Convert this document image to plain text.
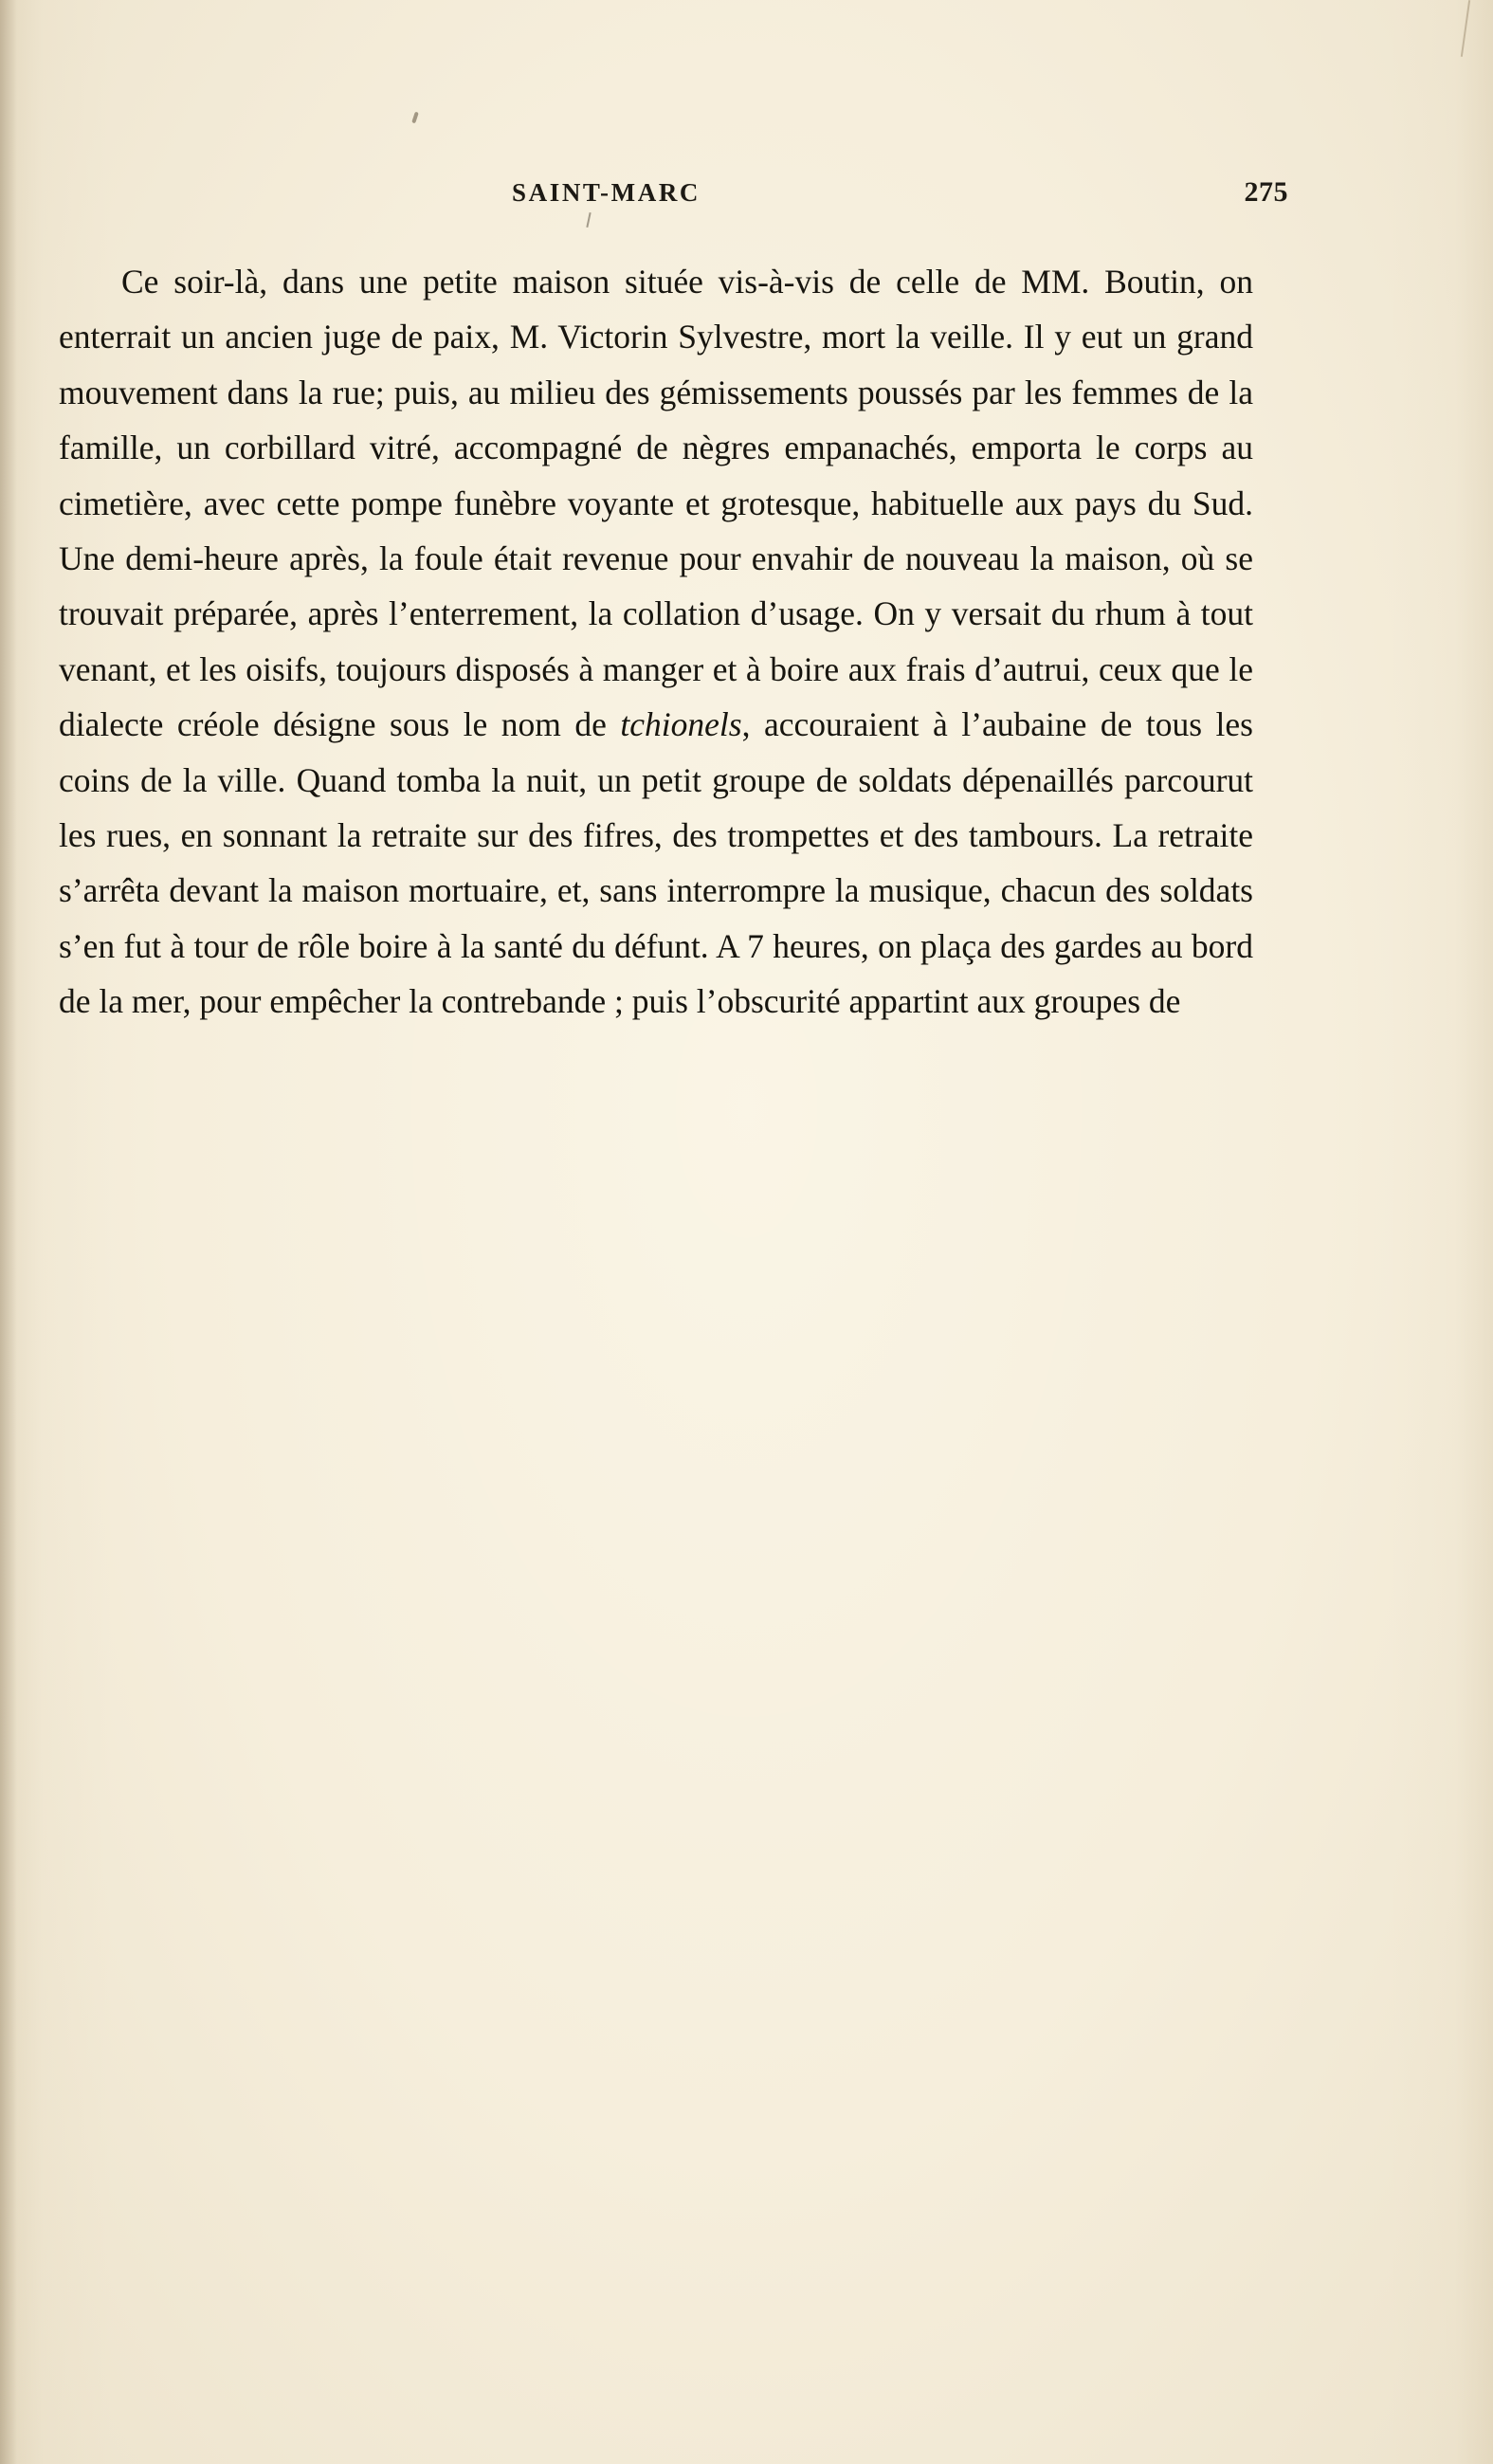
SAINT-MARC	275

Ce soir-là, dans une petite maison située vis-à-vis de celle de MM. Boutin, on enterrait un ancien juge de paix, M. Victorin Sylvestre, mort la veille. Il y eut un grand mouvement dans la rue; puis, au milieu des gémissements poussés par les femmes de la famille, un corbillard vitré, accompagné de nègres empanachés, emporta le corps au cimetière, avec cette pompe funèbre voyante et grotesque, habituelle aux pays du Sud. Une demi-heure après, la foule était revenue pour envahir de nouveau la maison, où se trouvait préparée, après l’enterrement, la collation d’usage. On y versait du rhum à tout venant, et les oisifs, toujours disposés à manger et à boire aux frais d’autrui, ceux que le dialecte créole désigne sous le nom de tchionels, accouraient à l’aubaine de tous les coins de la ville. Quand tomba la nuit, un petit groupe de soldats dépenaillés parcourut les rues, en sonnant la retraite sur des fifres, des trompettes et des tambours. La retraite s’arrêta devant la maison mortuaire, et, sans interrompre la musique, chacun des soldats s’en fut à tour de rôle boire à la santé du défunt. A 7 heures, on plaça des gardes au bord de la mer, pour empêcher la contrebande ; puis l’obscurité appartint aux groupes de
